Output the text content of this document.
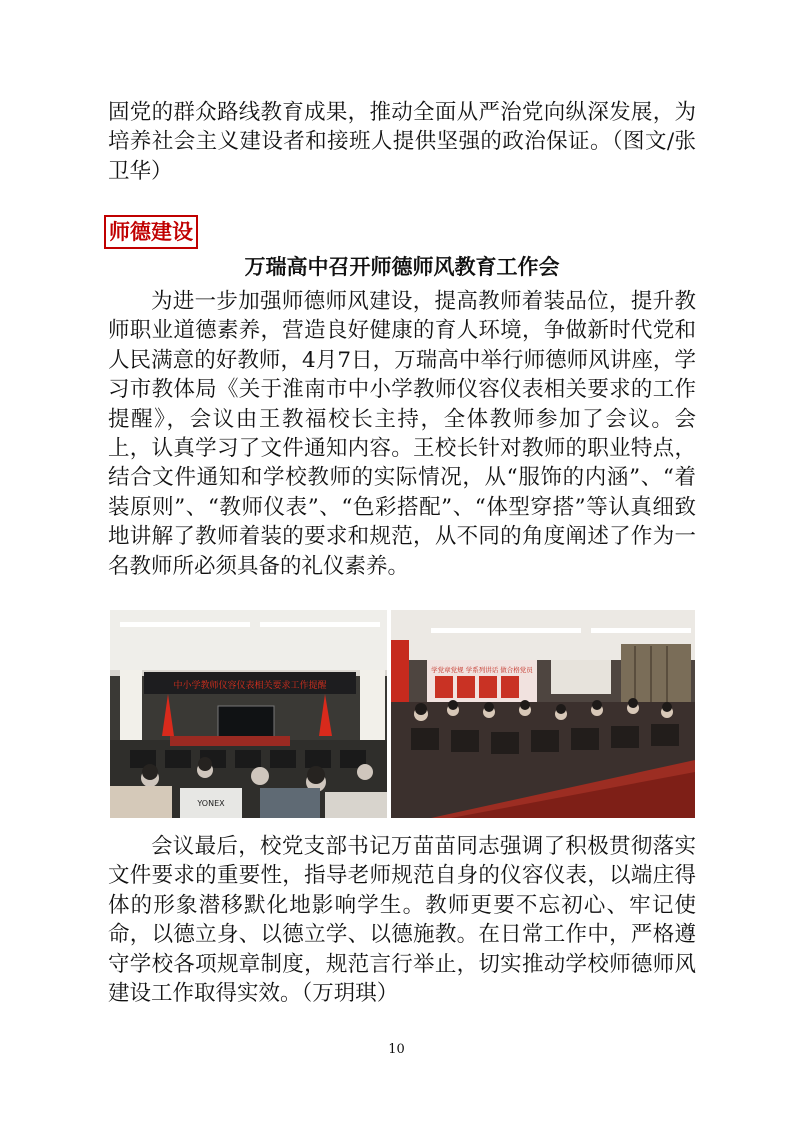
固党的群众路线教育成果，推动全面从严治党向纵深发展，为培养社会主义建设者和接班人提供坚强的政治保证。（图文/张卫华）

师德建设
万瑞高中召开师德师风教育工作会

为进一步加强师德师风建设，提高教师着装品位，提升教师职业道德素养，营造良好健康的育人环境，争做新时代党和人民满意的好教师，4月7日，万瑞高中举行师德师风讲座，学习市教体局《关于淮南市中小学教师仪容仪表相关要求的工作提醒》，会议由王教福校长主持，全体教师参加了会议。会上，认真学习了文件通知内容。王校长针对教师的职业特点，结合文件通知和学校教师的实际情况，从“服饰的内涵”、“着装原则”、“教师仪表”、“色彩搭配”、“体型穿搭”等认真细致地讲解了教师着装的要求和规范，从不同的角度阐述了作为一名教师所必须具备的礼仪素养。

中小学教师仪容仪表相关要求工作提醒
YONEX
学党章党规 学系列讲话 做合格党员

会议最后，校党支部书记万苗苗同志强调了积极贯彻落实文件要求的重要性，指导老师规范自身的仪容仪表，以端庄得体的形象潜移默化地影响学生。教师更要不忘初心、牢记使命，以德立身、以德立学、以德施教。在日常工作中，严格遵守学校各项规章制度，规范言行举止，切实推动学校师德师风建设工作取得实效。（万玥琪）

10
